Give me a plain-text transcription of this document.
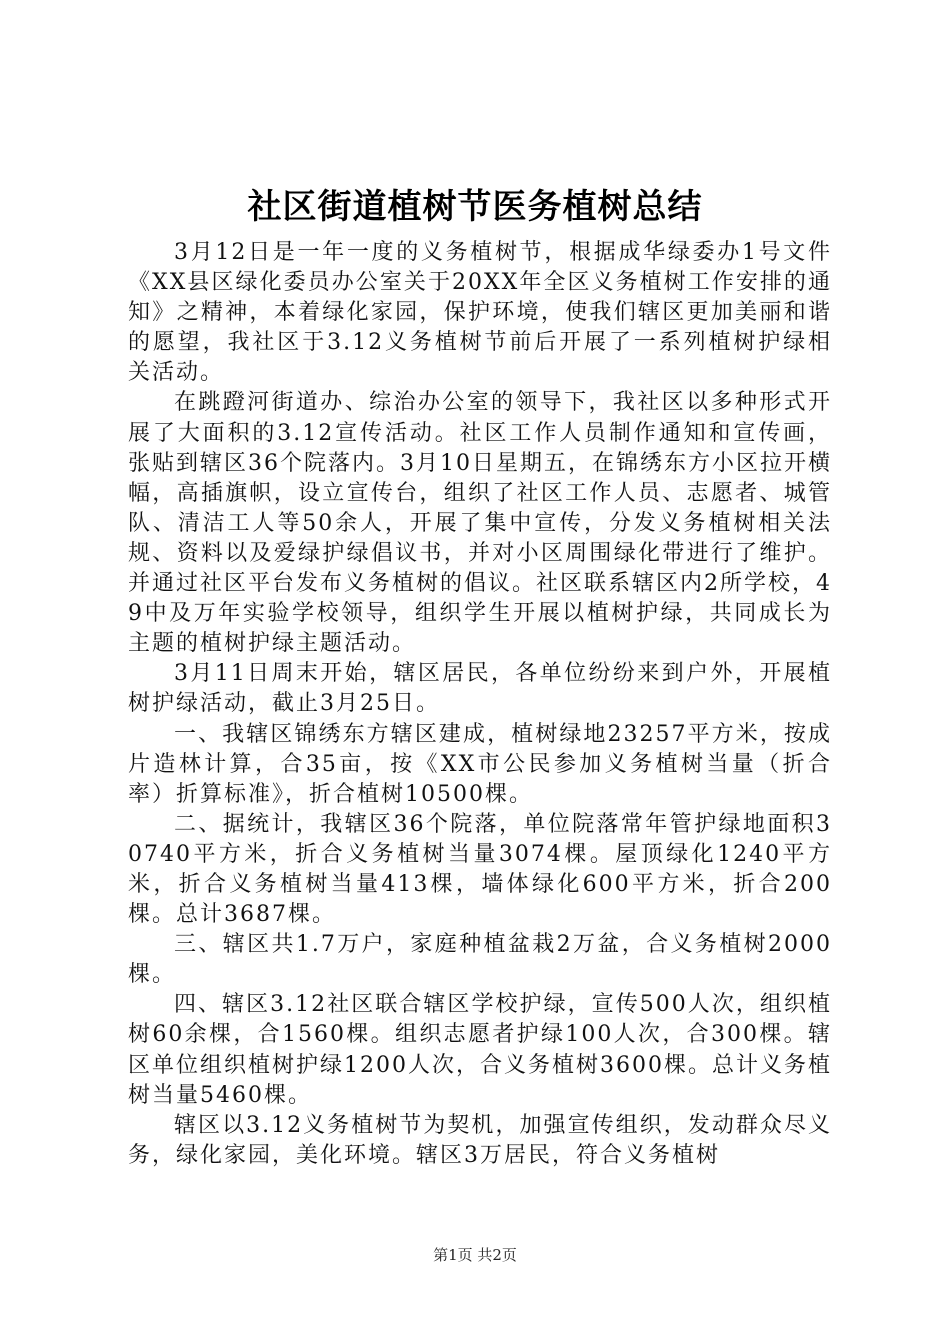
社区街道植树节医务植树总结

3月12日是一年一度的义务植树节，根据成华绿委办1号文件《XX县区绿化委员办公室关于20XX年全区义务植树工作安排的通知》之精神，本着绿化家园，保护环境，使我们辖区更加美丽和谐的愿望，我社区于3.12义务植树节前后开展了一系列植树护绿相关活动。

在跳蹬河街道办、综治办公室的领导下，我社区以多种形式开展了大面积的3.12宣传活动。社区工作人员制作通知和宣传画，张贴到辖区36个院落内。3月10日星期五，在锦绣东方小区拉开横幅，高插旗帜，设立宣传台，组织了社区工作人员、志愿者、城管队、清洁工人等50余人，开展了集中宣传，分发义务植树相关法规、资料以及爱绿护绿倡议书，并对小区周围绿化带进行了维护。并通过社区平台发布义务植树的倡议。社区联系辖区内2所学校，49中及万年实验学校领导，组织学生开展以植树护绿，共同成长为主题的植树护绿主题活动。

3月11日周末开始，辖区居民，各单位纷纷来到户外，开展植树护绿活动，截止3月25日。

一、我辖区锦绣东方辖区建成，植树绿地23257平方米，按成片造林计算，合35亩，按《XX市公民参加义务植树当量（折合率）折算标准》，折合植树10500棵。

二、据统计，我辖区36个院落，单位院落常年管护绿地面积30740平方米，折合义务植树当量3074棵。屋顶绿化1240平方米，折合义务植树当量413棵，墙体绿化600平方米，折合200棵。总计3687棵。

三、辖区共1.7万户，家庭种植盆栽2万盆，合义务植树2000棵。

四、辖区3.12社区联合辖区学校护绿，宣传500人次，组织植树60余棵，合1560棵。组织志愿者护绿100人次，合300棵。辖区单位组织植树护绿1200人次，合义务植树3600棵。总计义务植树当量5460棵。

辖区以3.12义务植树节为契机，加强宣传组织，发动群众尽义务，绿化家园，美化环境。辖区3万居民，符合义务植树

第1页 共2页
